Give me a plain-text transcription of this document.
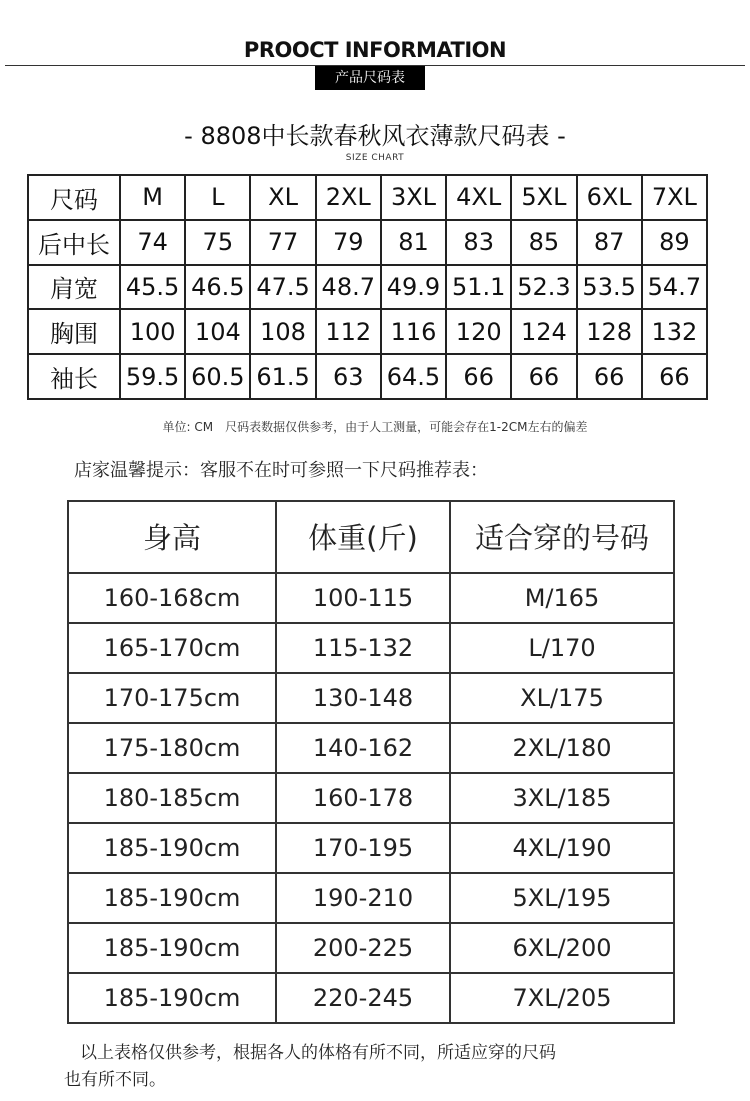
PROOCT INFORMATION
产品尺码表
- 8808中长款春秋风衣薄款尺码表 -
SIZE CHART
尺码	M	L	XL	2XL	3XL	4XL	5XL	6XL	7XL
后中长	74	75	77	79	81	83	85	87	89
肩宽	45.5	46.5	47.5	48.7	49.9	51.1	52.3	53.5	54.7
胸围	100	104	108	112	116	120	124	128	132
袖长	59.5	60.5	61.5	63	64.5	66	66	66	66
单位: CM　尺码表数据仅供参考，由于人工测量，可能会存在1-2CM左右的偏差
店家温馨提示：客服不在时可参照一下尺码推荐表：
身高	体重(斤)	适合穿的号码
160-168cm	100-115	M/165
165-170cm	115-132	L/170
170-175cm	130-148	XL/175
175-180cm	140-162	2XL/180
180-185cm	160-178	3XL/185
185-190cm	170-195	4XL/190
185-190cm	190-210	5XL/195
185-190cm	200-225	6XL/200
185-190cm	220-245	7XL/205
以上表格仅供参考，根据各人的体格有所不同，所适应穿的尺码
也有所不同。
